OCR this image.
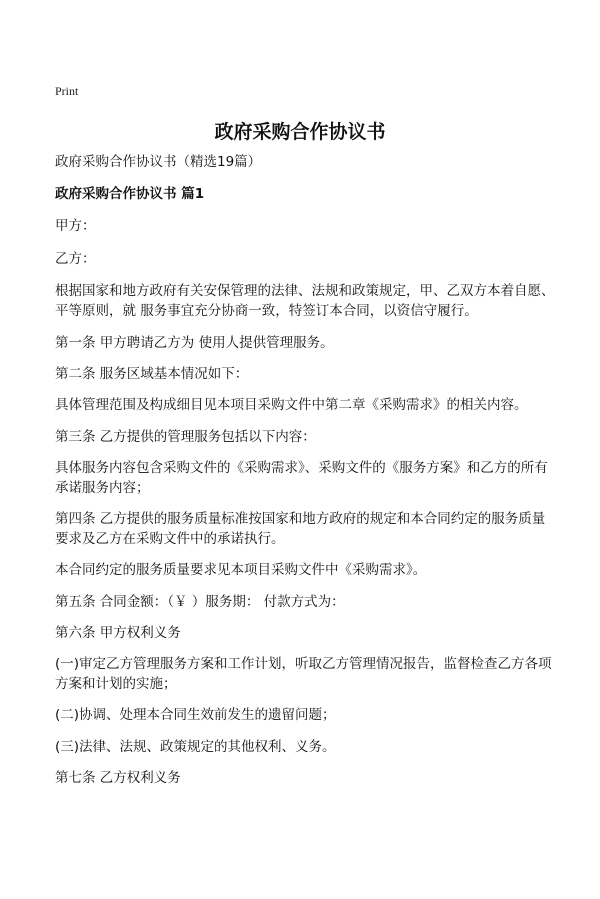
Print
政府采购合作协议书

政府采购合作协议书（精选19篇）

政府采购合作协议书 篇1

甲方：

乙方：

根据国家和地方政府有关安保管理的法律、法规和政策规定，甲、乙双方本着自愿、平等原则，就 服务事宜充分协商一致，特签订本合同，以资信守履行。

第一条 甲方聘请乙方为 使用人提供管理服务。

第二条 服务区域基本情况如下：

具体管理范围及构成细目见本项目采购文件中第二章《采购需求》的相关内容。

第三条 乙方提供的管理服务包括以下内容：

具体服务内容包含采购文件的《采购需求》、采购文件的《服务方案》和乙方的所有承诺服务内容；

第四条 乙方提供的服务质量标准按国家和地方政府的规定和本合同约定的服务质量要求及乙方在采购文件中的承诺执行。

本合同约定的服务质量要求见本项目采购文件中《采购需求》。

第五条 合同金额：（￥ ）服务期： 付款方式为：

第六条 甲方权利义务

(一)审定乙方管理服务方案和工作计划，听取乙方管理情况报告，监督检查乙方各项方案和计划的实施；

(二)协调、处理本合同生效前发生的遗留问题；

(三)法律、法规、政策规定的其他权利、义务。

第七条 乙方权利义务
